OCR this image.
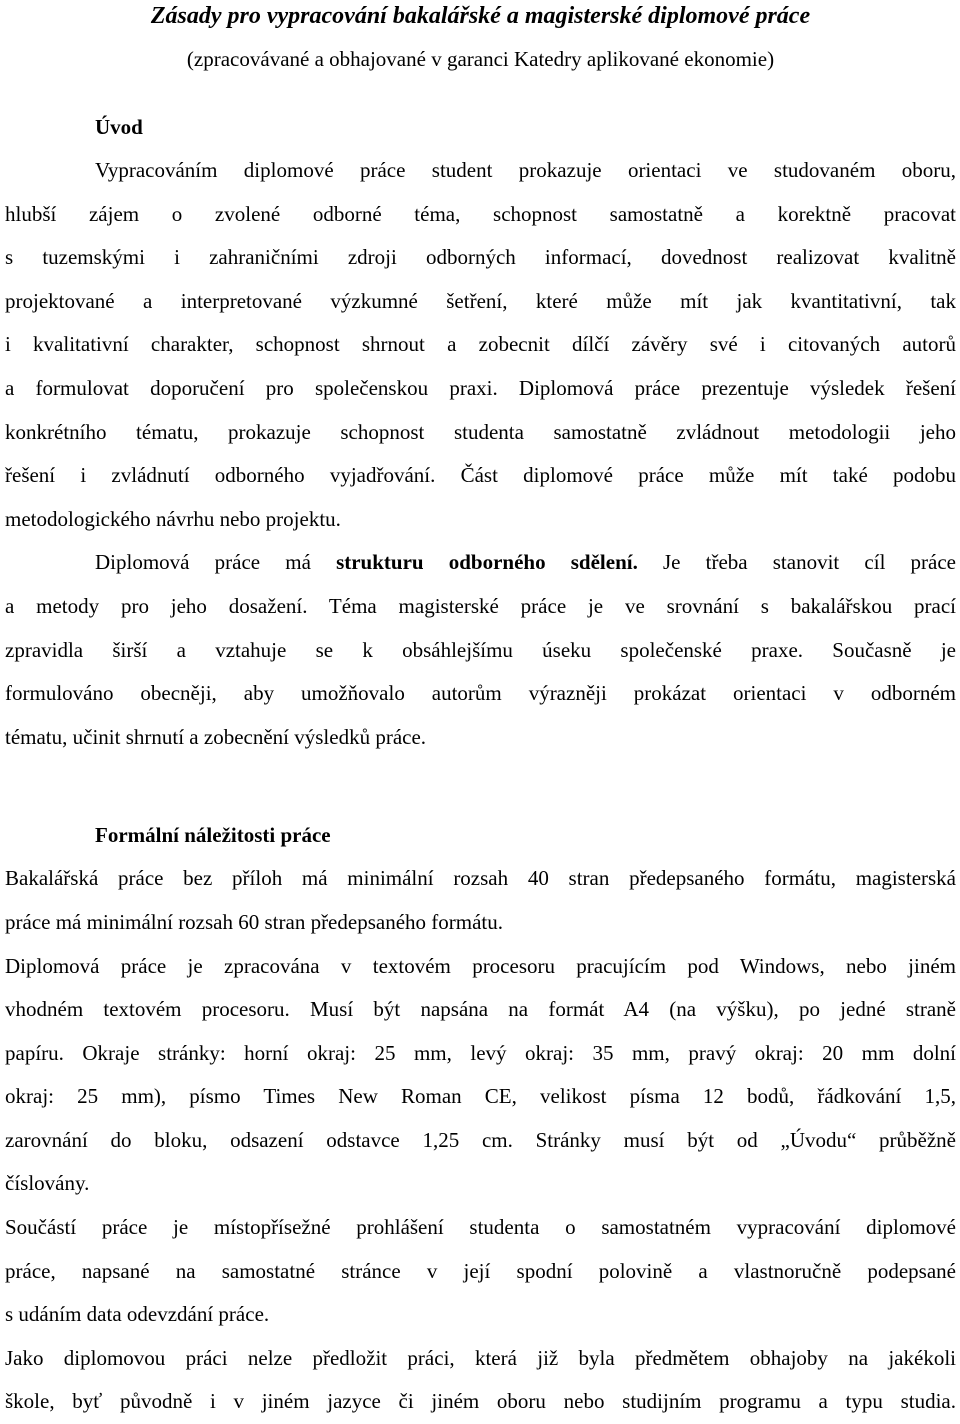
Zásady pro vypracování bakalářské a magisterské diplomové práce
(zpracovávané a obhajované v garanci Katedry aplikované ekonomie)
Úvod
Vypracováním diplomové práce student prokazuje orientaci ve studovaném oboru,
hlubší zájem o zvolené odborné téma, schopnost samostatně a korektně pracovat
s tuzemskými i zahraničními zdroji odborných informací, dovednost realizovat kvalitně
projektované a interpretované výzkumné šetření, které může mít jak kvantitativní, tak
i kvalitativní charakter, schopnost shrnout a zobecnit dílčí závěry své i citovaných autorů
a formulovat doporučení pro společenskou praxi. Diplomová práce prezentuje výsledek řešení
konkrétního tématu, prokazuje schopnost studenta samostatně zvládnout metodologii jeho
řešení i zvládnutí odborného vyjadřování. Část diplomové práce může mít také podobu
metodologického návrhu nebo projektu.
Diplomová práce má strukturu odborného sdělení. Je třeba stanovit cíl práce
a metody pro jeho dosažení. Téma magisterské práce je ve srovnání s bakalářskou prací
zpravidla širší a vztahuje se k obsáhlejšímu úseku společenské praxe. Současně je
formulováno obecněji, aby umožňovalo autorům výrazněji prokázat orientaci v odborném
tématu, učinit shrnutí a zobecnění výsledků práce.
Formální náležitosti práce
Bakalářská práce bez příloh má minimální rozsah 40 stran předepsaného formátu, magisterská
práce má minimální rozsah 60 stran předepsaného formátu.
Diplomová práce je zpracována v textovém procesoru pracujícím pod Windows, nebo jiném
vhodném textovém procesoru. Musí být napsána na formát A4 (na výšku), po jedné straně
papíru. Okraje stránky: horní okraj: 25 mm, levý okraj: 35 mm, pravý okraj: 20 mm dolní
okraj: 25 mm), písmo Times New Roman CE, velikost písma 12 bodů, řádkování 1,5,
zarovnání do bloku, odsazení odstavce 1,25 cm. Stránky musí být od „Úvodu“ průběžně
číslovány.
Součástí práce je místopřísežné prohlášení studenta o samostatném vypracování diplomové
práce, napsané na samostatné stránce v její spodní polovině a vlastnoručně podepsané
s udáním data odevzdání práce.
Jako diplomovou práci nelze předložit práci, která již byla předmětem obhajoby na jakékoli
škole, byť původně i v jiném jazyce či jiném oboru nebo studijním programu a typu studia.
